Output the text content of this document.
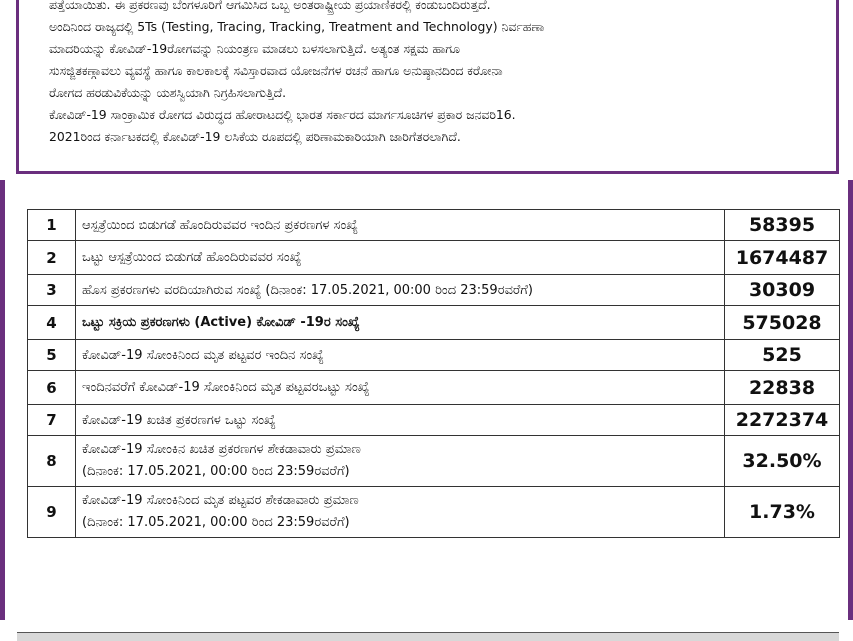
ಪತ್ತೆಯಾಯಿತು. ಈ ಪ್ರಕರಣವು ಬೆಂಗಳೂರಿಗೆ ಆಗಮಿಸಿದ ಒಬ್ಬ ಅಂತರಾಷ್ಟ್ರೀಯ ಪ್ರಯಾಣಿಕರಲ್ಲಿ ಕಂಡುಬಂದಿರುತ್ತದೆ.
ಅಂದಿನಿಂದ ರಾಜ್ಯದಲ್ಲಿ 5Ts (Testing, Tracing, Tracking, Treatment and Technology) ನಿರ್ವಹಣಾ
ಮಾದರಿಯನ್ನು ಕೋವಿಡ್-19ರೋಗವನ್ನು ನಿಯಂತ್ರಣ ಮಾಡಲು ಬಳಸಲಾಗುತ್ತಿದೆ. ಅತ್ಯಂತ ಸಕ್ಷಮ ಹಾಗೂ
ಸುಸಜ್ಜಿತಕಣ್ಗಾವಲು ವ್ಯವಸ್ಥೆ ಹಾಗೂ ಕಾಲಕಾಲಕ್ಕೆ ಸವಿಸ್ತಾರವಾದ ಯೋಜನೆಗಳ ರಚನೆ ಹಾಗೂ ಅನುಷ್ಠಾನದಿಂದ ಕರೋನಾ
ರೋಗದ ಹರಡುವಿಕೆಯನ್ನು ಯಶಸ್ವಿಯಾಗಿ ನಿಗ್ರಹಿಸಲಾಗುತ್ತಿದೆ.
ಕೋವಿಡ್-19 ಸಾಂಕ್ರಾಮಿಕ ರೋಗದ ವಿರುದ್ಧದ ಹೋರಾಟದಲ್ಲಿ ಭಾರತ ಸರ್ಕಾರದ ಮಾರ್ಗಸೂಚಿಗಳ ಪ್ರಕಾರ ಜನವರಿ16.
2021ರಿಂದ ಕರ್ನಾಟಕದಲ್ಲಿ ಕೋವಿಡ್-19 ಲಸಿಕೆಯ ರೂಪದಲ್ಲಿ ಪರಿಣಾಮಕಾರಿಯಾಗಿ ಜಾರಿಗೆತರಲಾಗಿದೆ.
1	ಆಸ್ಪತ್ರೆಯಿಂದ ಬಿಡುಗಡೆ ಹೊಂದಿರುವವರ ಇಂದಿನ ಪ್ರಕರಣಗಳ ಸಂಖ್ಯೆ	58395
2	ಒಟ್ಟು ಆಸ್ಪತ್ರೆಯಿಂದ ಬಿಡುಗಡೆ ಹೊಂದಿರುವವರ ಸಂಖ್ಯೆ	1674487
3	ಹೊಸ ಪ್ರಕರಣಗಳು ವರದಿಯಾಗಿರುವ ಸಂಖ್ಯೆ (ದಿನಾಂಕ: 17.05.2021, 00:00 ರಿಂದ 23:59ರವರೆಗೆ)	30309
4	ಒಟ್ಟು ಸಕ್ರಿಯ ಪ್ರಕರಣಗಳು (Active) ಕೋವಿಡ್ -19ರ ಸಂಖ್ಯೆ	575028
5	ಕೋವಿಡ್-19 ಸೋಂಕಿನಿಂದ ಮೃತ ಪಟ್ಟವರ ಇಂದಿನ ಸಂಖ್ಯೆ	525
6	ಇಂದಿನವರೆಗೆ ಕೋವಿಡ್-19 ಸೋಂಕಿನಿಂದ ಮೃತ ಪಟ್ಟವರಒಟ್ಟು ಸಂಖ್ಯೆ	22838
7	ಕೋವಿಡ್-19 ಖಚಿತ ಪ್ರಕರಣಗಳ ಒಟ್ಟು ಸಂಖ್ಯೆ	2272374
8	ಕೋವಿಡ್-19 ಸೋಂಕಿನ ಖಚಿತ ಪ್ರಕರಣಗಳ ಶೇಕಡಾವಾರು ಪ್ರಮಾಣ
(ದಿನಾಂಕ: 17.05.2021, 00:00 ರಿಂದ 23:59ರವರೆಗೆ)	32.50%
9	ಕೋವಿಡ್-19 ಸೋಂಕಿನಿಂದ ಮೃತ ಪಟ್ಟವರ ಶೇಕಡಾವಾರು ಪ್ರಮಾಣ
(ದಿನಾಂಕ: 17.05.2021, 00:00 ರಿಂದ 23:59ರವರೆಗೆ)	1.73%
